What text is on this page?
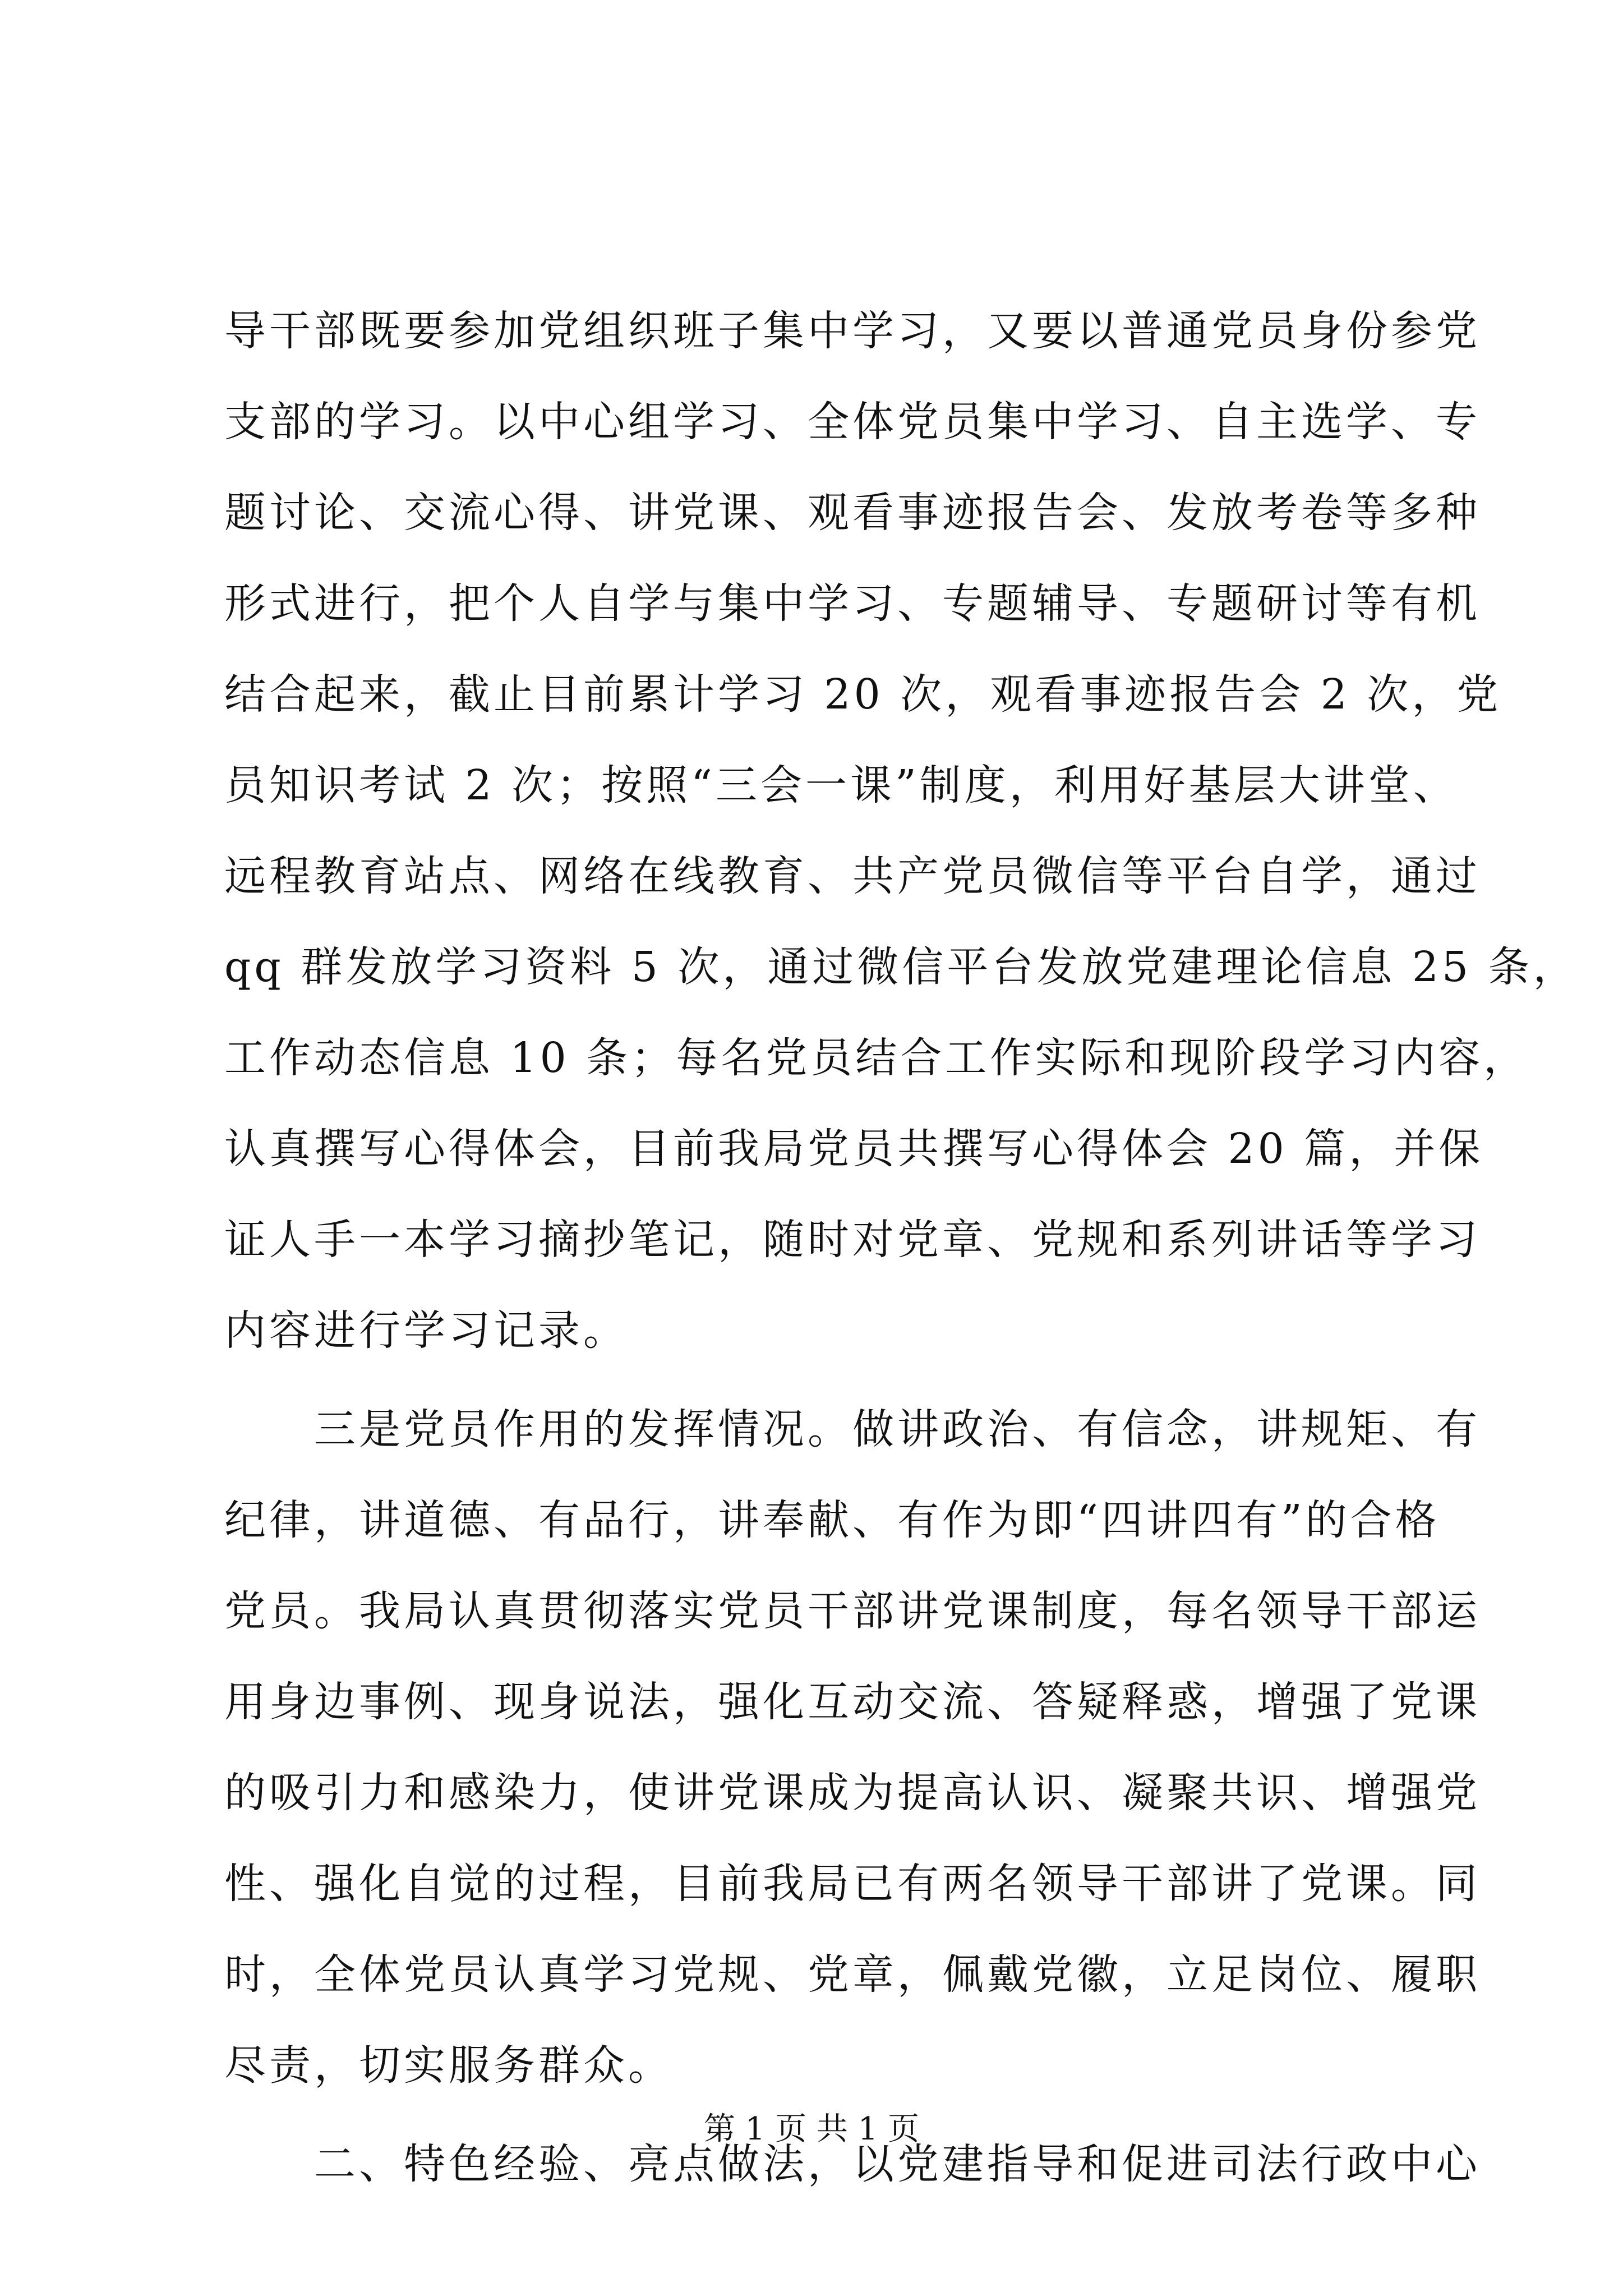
导干部既要参加党组织班子集中学习，又要以普通党员身份参党
支部的学习。以中心组学习、全体党员集中学习、自主选学、专
题讨论、交流心得、讲党课、观看事迹报告会、发放考卷等多种
形式进行，把个人自学与集中学习、专题辅导、专题研讨等有机
结合起来，截止目前累计学习 20 次，观看事迹报告会 2 次，党
员知识考试 2 次；按照“三会一课”制度，利用好基层大讲堂、
远程教育站点、网络在线教育、共产党员微信等平台自学，通过
qq 群发放学习资料 5 次，通过微信平台发放党建理论信息 25 条，
工作动态信息 10 条；每名党员结合工作实际和现阶段学习内容，
认真撰写心得体会，目前我局党员共撰写心得体会 20 篇，并保
证人手一本学习摘抄笔记，随时对党章、党规和系列讲话等学习
内容进行学习记录。
　　三是党员作用的发挥情况。做讲政治、有信念，讲规矩、有
纪律，讲道德、有品行，讲奉献、有作为即“四讲四有”的合格
党员。我局认真贯彻落实党员干部讲党课制度，每名领导干部运
用身边事例、现身说法，强化互动交流、答疑释惑，增强了党课
的吸引力和感染力，使讲党课成为提高认识、凝聚共识、增强党
性、强化自觉的过程，目前我局已有两名领导干部讲了党课。同
时，全体党员认真学习党规、党章，佩戴党徽，立足岗位、履职
尽责，切实服务群众。
　　二、特色经验、亮点做法，以党建指导和促进司法行政中心
第 1 页 共 1 页
